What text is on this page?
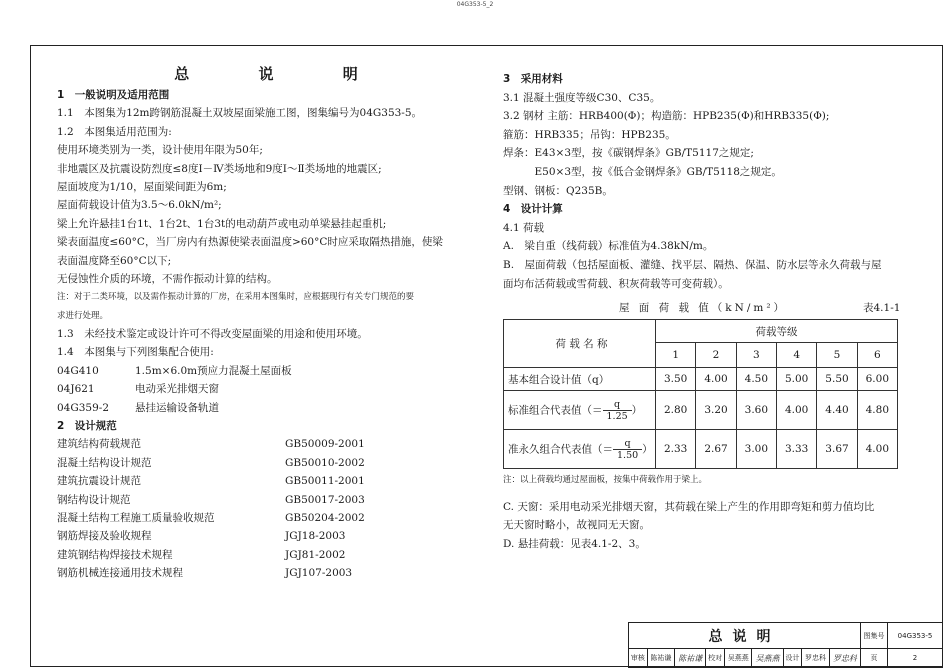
04G353-5_2
总 说 明
1　一般说明及适用范围
1.1　本图集为12m跨钢筋混凝土双坡屋面梁施工图，图集编号为04G353-5。
1.2　本图集适用范围为:
使用环境类别为一类，设计使用年限为50年;
非地震区及抗震设防烈度≤8度Ⅰ－Ⅳ类场地和9度Ⅰ～Ⅱ类场地的地震区;
屋面坡度为1/10，屋面梁间距为6m;
屋面荷载设计值为3.5～6.0kN/m²;
梁上允许悬挂1台1t、1台2t、1台3t的电动葫芦或电动单梁悬挂起重机;
梁表面温度≤60°C，当厂房内有热源使梁表面温度>60°C时应采取隔热措施，使梁
表面温度降至60°C以下;
无侵蚀性介质的环境，不需作振动计算的结构。
注：对于二类环境，以及需作振动计算的厂房，在采用本图集时，应根据现行有关专门规范的要
求进行处理。
1.3　未经技术鉴定或设计许可不得改变屋面梁的用途和使用环境。
1.4　本图集与下列图集配合使用:
04G410	1.5m×6.0m预应力混凝土屋面板
04J621	电动采光排烟天窗
04G359-2	悬挂运输设备轨道
2　设计规范
建筑结构荷载规范	GB50009-2001
混凝土结构设计规范	GB50010-2002
建筑抗震设计规范	GB50011-2001
钢结构设计规范	GB50017-2003
混凝土结构工程施工质量验收规范	GB50204-2002
钢筋焊接及验收规程	JGJ18-2003
建筑钢结构焊接技术规程	JGJ81-2002
钢筋机械连接通用技术规程	JGJ107-2003
3　采用材料
3.1 混凝土强度等级C30、C35。
3.2 钢材 主筋：HRB400(Φ)；构造筋：HPB235(Φ)和HRB335(Φ);
箍筋：HRB335；吊钩：HPB235。
焊条：E43×3型，按《碳钢焊条》GB/T5117之规定;
　　　E50×3型，按《低合金钢焊条》GB/T5118之规定。
型钢、钢板：Q235B。
4　设计计算
4.1 荷载
A.　梁自重（线荷载）标准值为4.38kN/m。
B.　屋面荷载（包括屋面板、灌缝、找平层、隔热、保温、防水层等永久荷载与屋
面均布活荷载或雪荷载、积灰荷载等可变荷载）。
屋 面 荷 载 值（kN/m²）	表4.1-1
荷 载 名 称	荷载等级					
	1	2	3	4	5	6
基本组合设计值（q）	3.50	4.00	4.50	5.00	5.50	6.00
标准组合代表值（＝ $\frac{q}{1.25}$ ）	2.80	3.20	3.60	4.00	4.40	4.80
准永久组合代表值（＝ $\frac{q}{1.50}$ ）	2.33	2.67	3.00	3.33	3.67	4.00
注：以上荷载均通过屋面板，按集中荷载作用于梁上。
C. 天窗：采用电动采光排烟天窗，其荷载在梁上产生的作用即弯矩和剪力值均比
无天窗时略小，故视同无天窗。
D. 悬挂荷载：见表4.1-2、3。
总说明									图集号	04G353-5
审核	陈祐谦	陈祐谦	校对	吴燕燕	吴燕燕	设计	罗忠科	罗忠科	页	2
